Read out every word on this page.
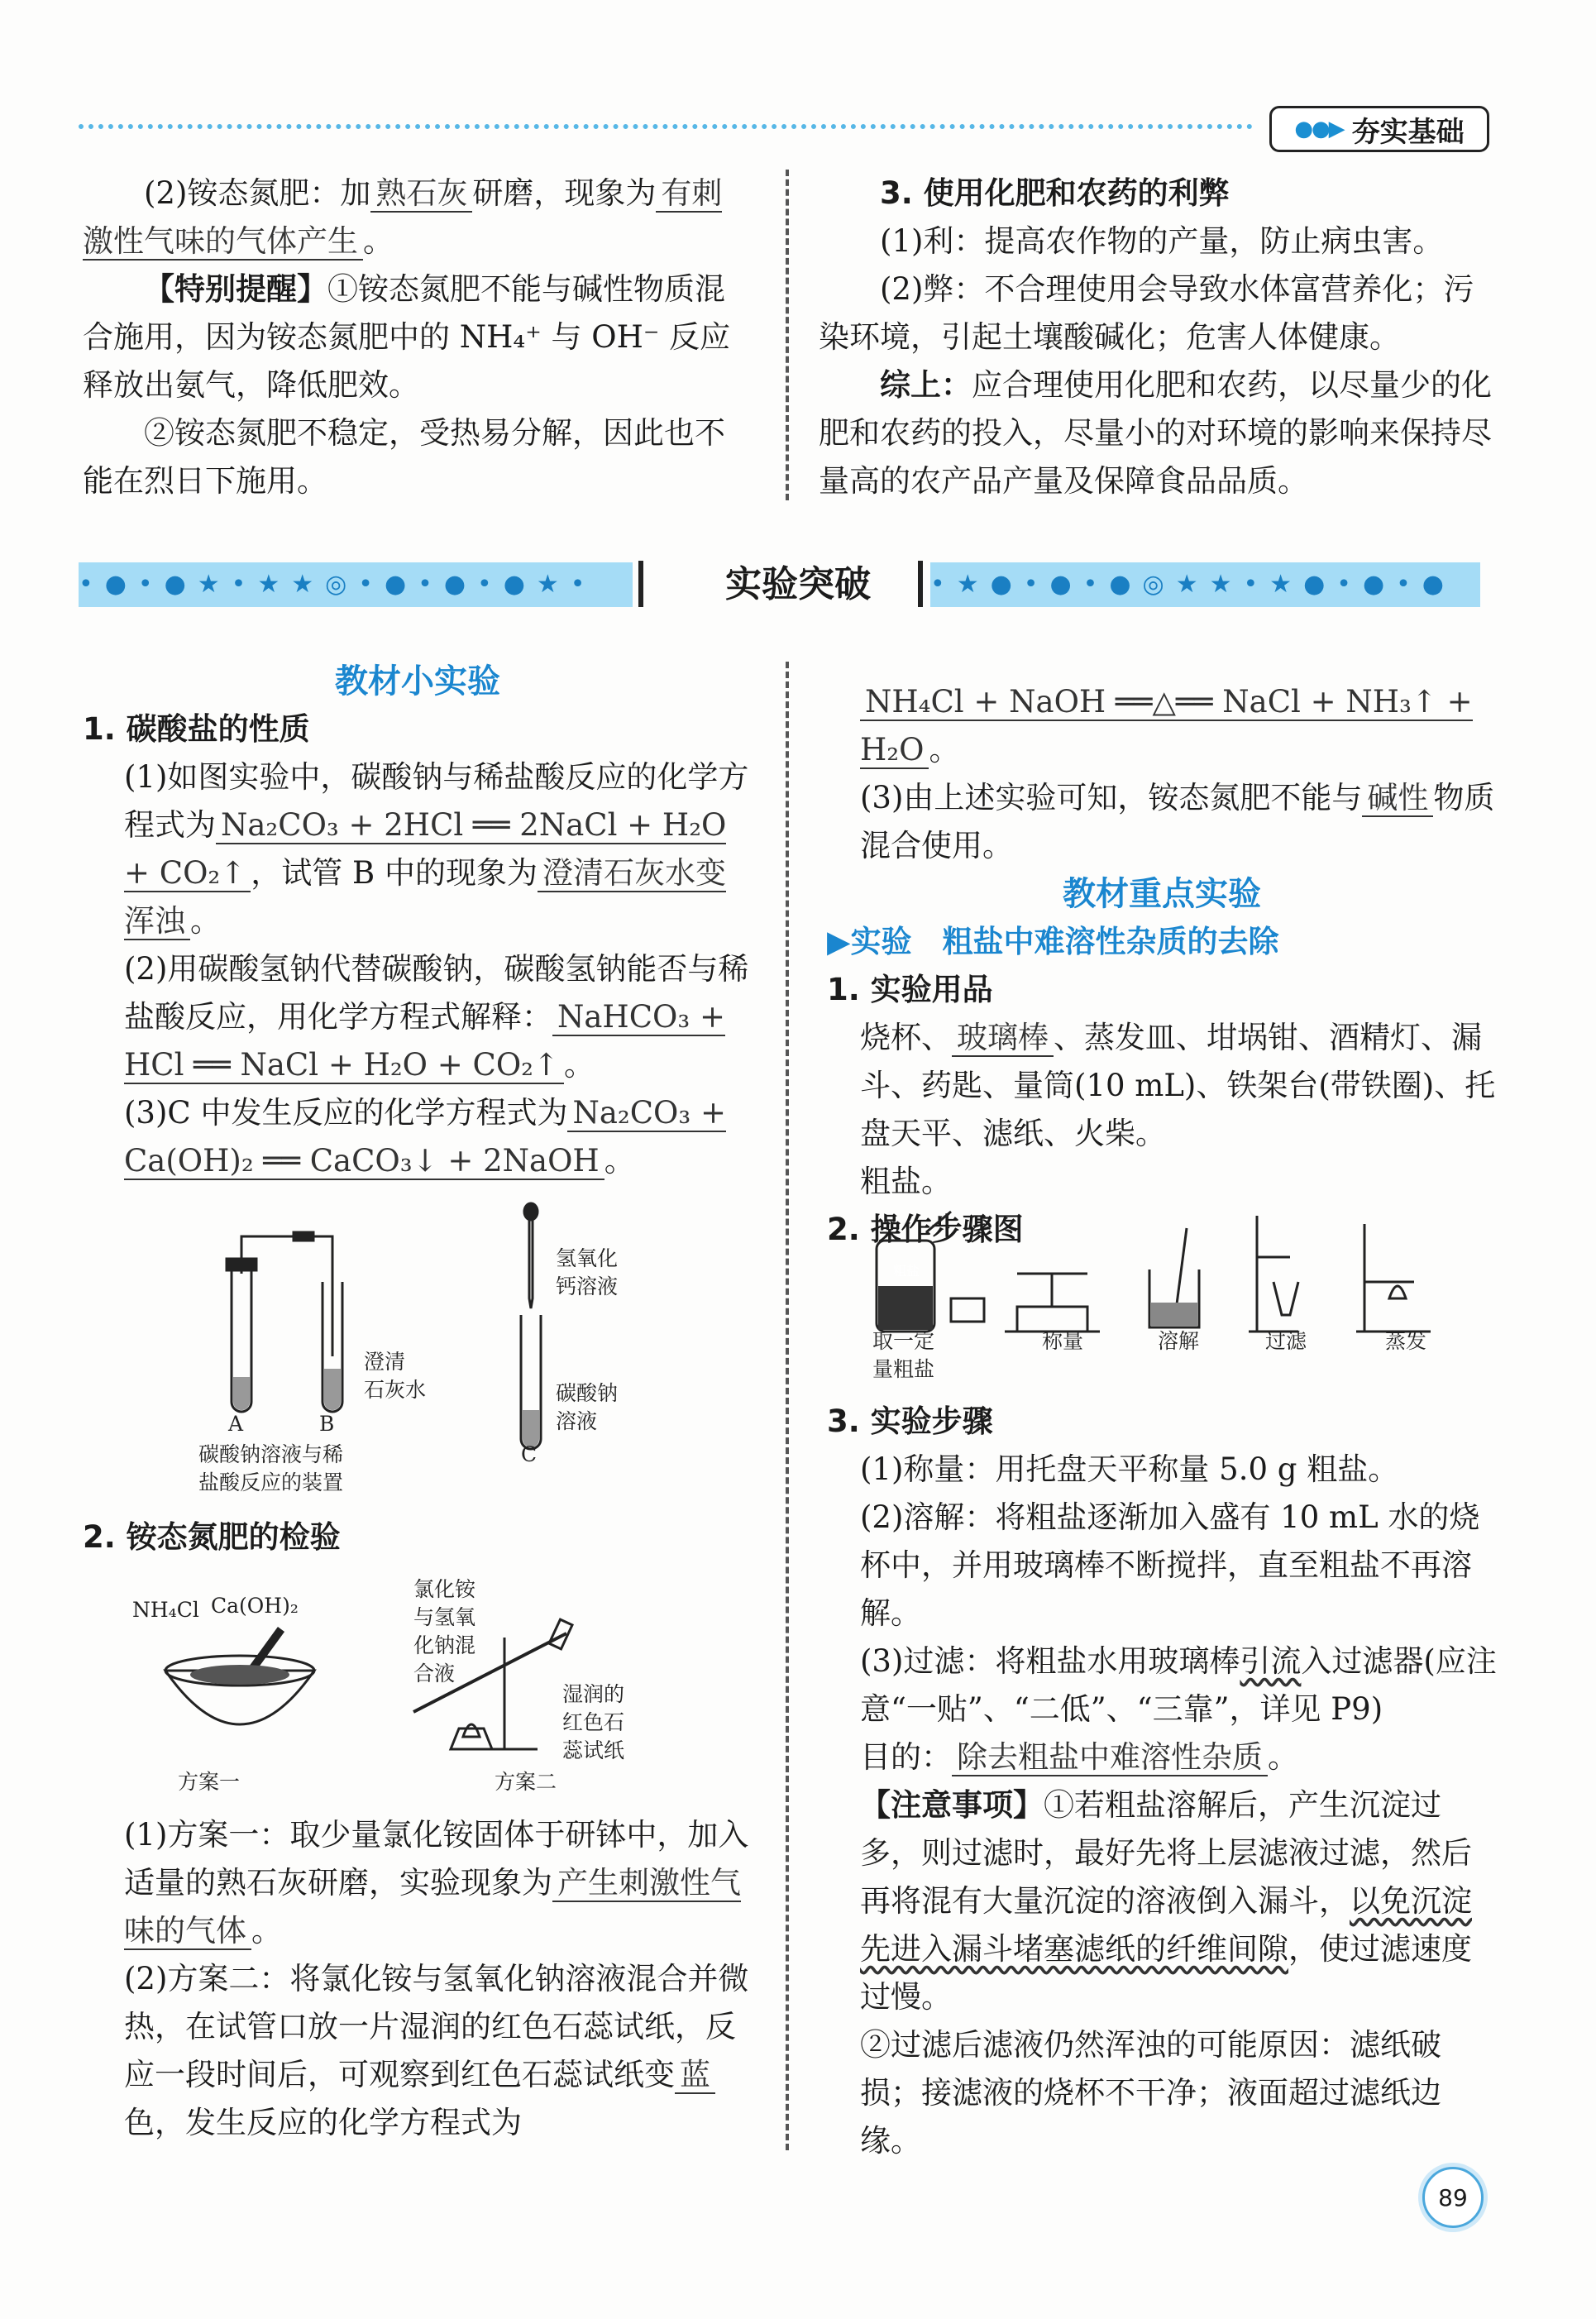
●●▶ 夯实基础

(2)铵态氮肥：加 熟石灰 研磨，现象为 有刺激性气味的气体产生 。

【特别提醒】①铵态氮肥不能与碱性物质混合施用，因为铵态氮肥中的 NH₄⁺ 与 OH⁻ 反应释放出氨气，降低肥效。

②铵态氮肥不稳定，受热易分解，因此也不能在烈日下施用。

3. 使用化肥和农药的利弊

(1)利：提高农作物的产量，防止病虫害。

(2)弊：不合理使用会导致水体富营养化；污染环境，引起土壤酸碱化；危害人体健康。

综上：应合理使用化肥和农药，以尽量少的化肥和农药的投入，尽量小的对环境的影响来保持尽量高的农产品产量及保障食品品质。

•●•●★•★★◎•●•●•●★•	实验突破	•★●•●•●◎★★•★●•●•●

教材小实验

1. 碳酸盐的性质

(1)如图实验中，碳酸钠与稀盐酸反应的化学方程式为 Na₂CO₃ + 2HCl ══ 2NaCl + H₂O + CO₂↑ ，试管 B 中的现象为 澄清石灰水变浑浊 。

(2)用碳酸氢钠代替碳酸钠，碳酸氢钠能否与稀盐酸反应，用化学方程式解释： NaHCO₃ + HCl ══ NaCl + H₂O + CO₂↑ 。

(3)C 中发生反应的化学方程式为 Na₂CO₃ + Ca(OH)₂ ══ CaCO₃↓ + 2NaOH 。

澄清
石灰水
A	B
碳酸钠溶液与稀
盐酸反应的装置
氢氧化
钙溶液
碳酸钠
溶液
C

2. 铵态氮肥的检验

NH₄Cl Ca(OH)₂
氯化铵
与氢氧
化钠混
合液
湿润的
红色石
蕊试纸
方案一	方案二

(1)方案一：取少量氯化铵固体于研钵中，加入适量的熟石灰研磨，实验现象为 产生刺激性气味的气体 。

(2)方案二：将氯化铵与氢氧化钠溶液混合并微热，在试管口放一片湿润的红色石蕊试纸，反应一段时间后，可观察到红色石蕊试纸变 蓝色，发生反应的化学方程式为

NH₄Cl + NaOH ══△══ NaCl + NH₃↑ + H₂O 。

(3)由上述实验可知，铵态氮肥不能与 碱性 物质混合使用。

教材重点实验

▶实验　粗盐中难溶性杂质的去除

1. 实验用品

烧杯、 玻璃棒 、蒸发皿、坩埚钳、酒精灯、漏斗、药匙、量筒(10 mL)、铁架台(带铁圈)、托盘天平、滤纸、火柴。

粗盐。

2. 操作步骤图

取一定
量粗盐
粗盐
称量	溶解	过滤	蒸发

3. 实验步骤

(1)称量：用托盘天平称量 5.0 g 粗盐。

(2)溶解：将粗盐逐渐加入盛有 10 mL 水的烧杯中，并用玻璃棒不断搅拌，直至粗盐不再溶解。

(3)过滤：将粗盐水用玻璃棒引流入过滤器(应注意“一贴”、“二低”、“三靠”，详见 P9)

目的： 除去粗盐中难溶性杂质 。

【注意事项】①若粗盐溶解后，产生沉淀过多，则过滤时，最好先将上层滤液过滤，然后再将混有大量沉淀的溶液倒入漏斗，以免沉淀先进入漏斗堵塞滤纸的纤维间隙，使过滤速度过慢。

②过滤后滤液仍然浑浊的可能原因：滤纸破损；接滤液的烧杯不干净；液面超过滤纸边缘。

89
